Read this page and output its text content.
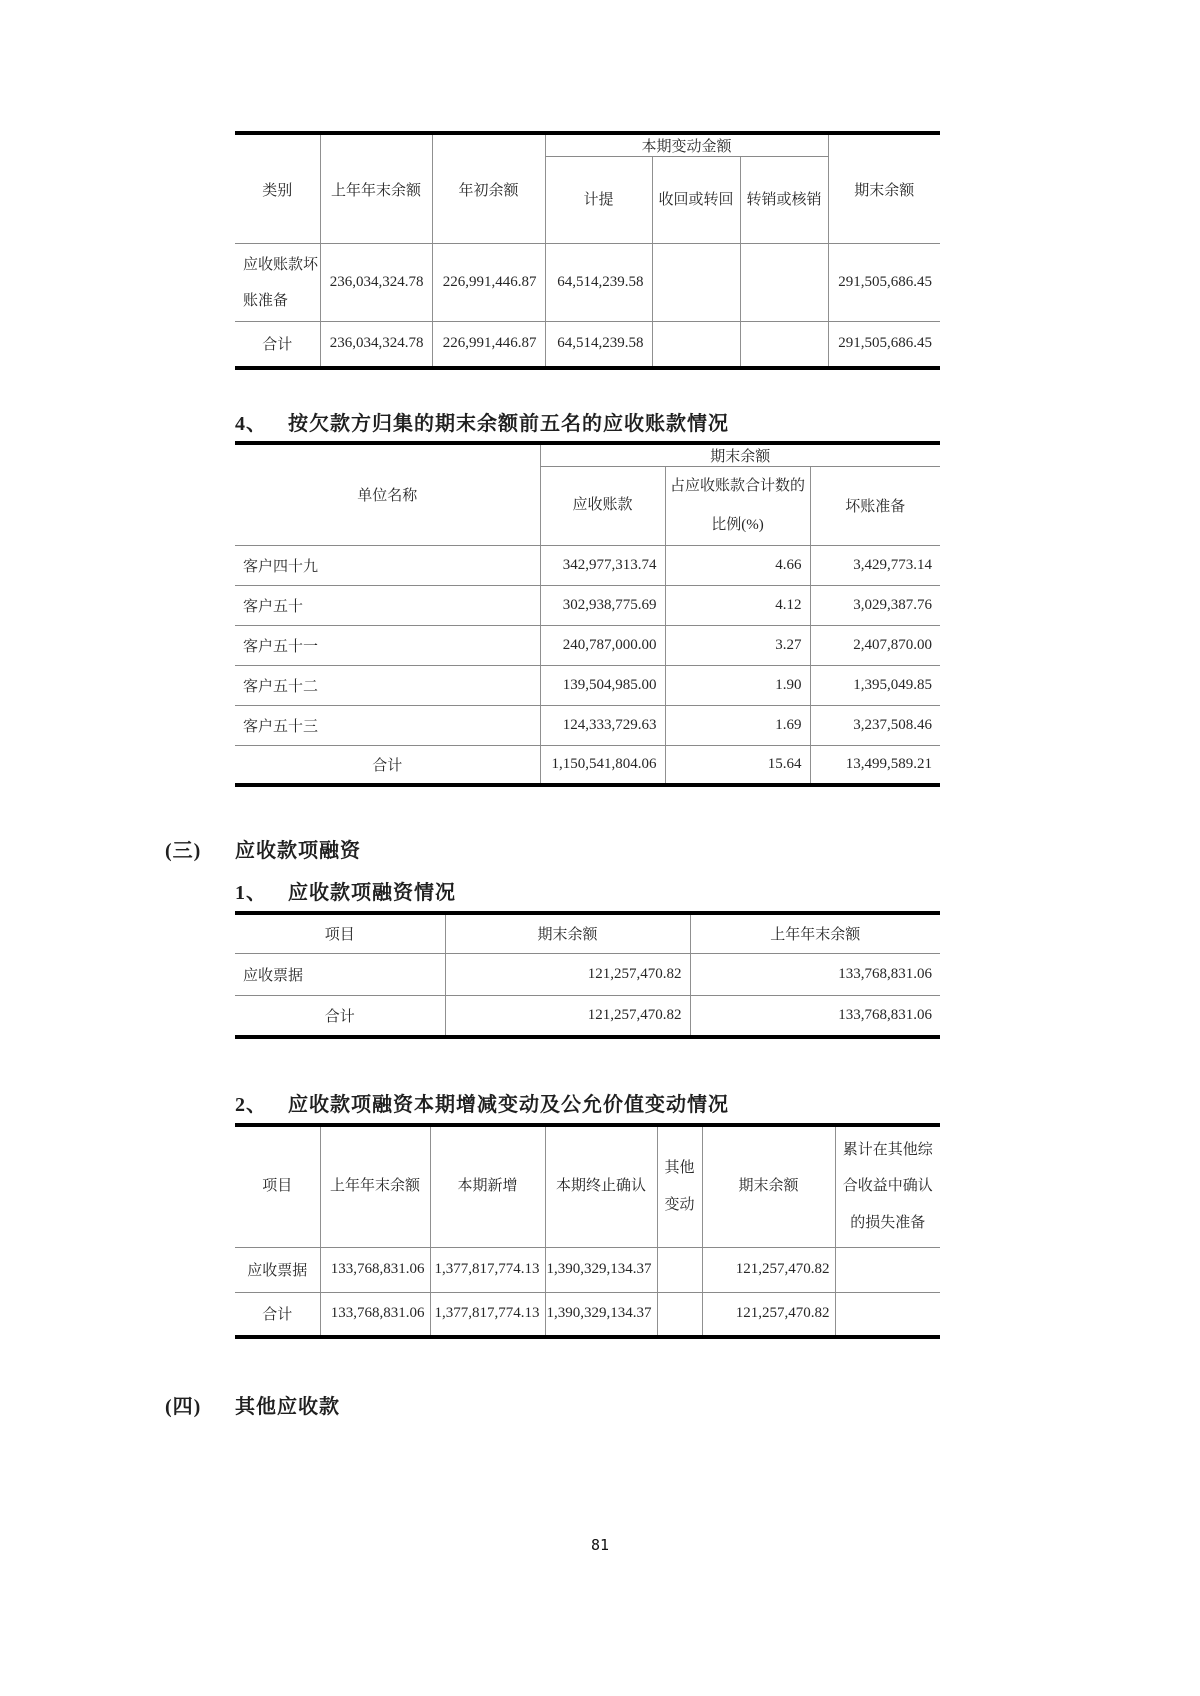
类别	上年年末余额	年初余额	本期变动金额			期末余额
			计提	收回或转回	转销或核销	
应收账款坏账准备	236,034,324.78	226,991,446.87	64,514,239.58			291,505,686.45
合计	236,034,324.78	226,991,446.87	64,514,239.58			291,505,686.45
4、	按欠款方归集的期末余额前五名的应收账款情况
单位名称	期末余额		
	应收账款	占应收账款合计数的比例(%)	坏账准备
客户四十九	342,977,313.74	4.66	3,429,773.14
客户五十	302,938,775.69	4.12	3,029,387.76
客户五十一	240,787,000.00	3.27	2,407,870.00
客户五十二	139,504,985.00	1.90	1,395,049.85
客户五十三	124,333,729.63	1.69	3,237,508.46
合计	1,150,541,804.06	15.64	13,499,589.21
(三)	应收款项融资
1、	应收款项融资情况
项目	期末余额	上年年末余额
应收票据	121,257,470.82	133,768,831.06
合计	121,257,470.82	133,768,831.06
2、	应收款项融资本期增减变动及公允价值变动情况
项目	上年年末余额	本期新增	本期终止确认	其他变动	期末余额	累计在其他综合收益中确认的损失准备
应收票据	133,768,831.06	1,377,817,774.13	1,390,329,134.37		121,257,470.82	
合计	133,768,831.06	1,377,817,774.13	1,390,329,134.37		121,257,470.82	
(四)	其他应收款
81
